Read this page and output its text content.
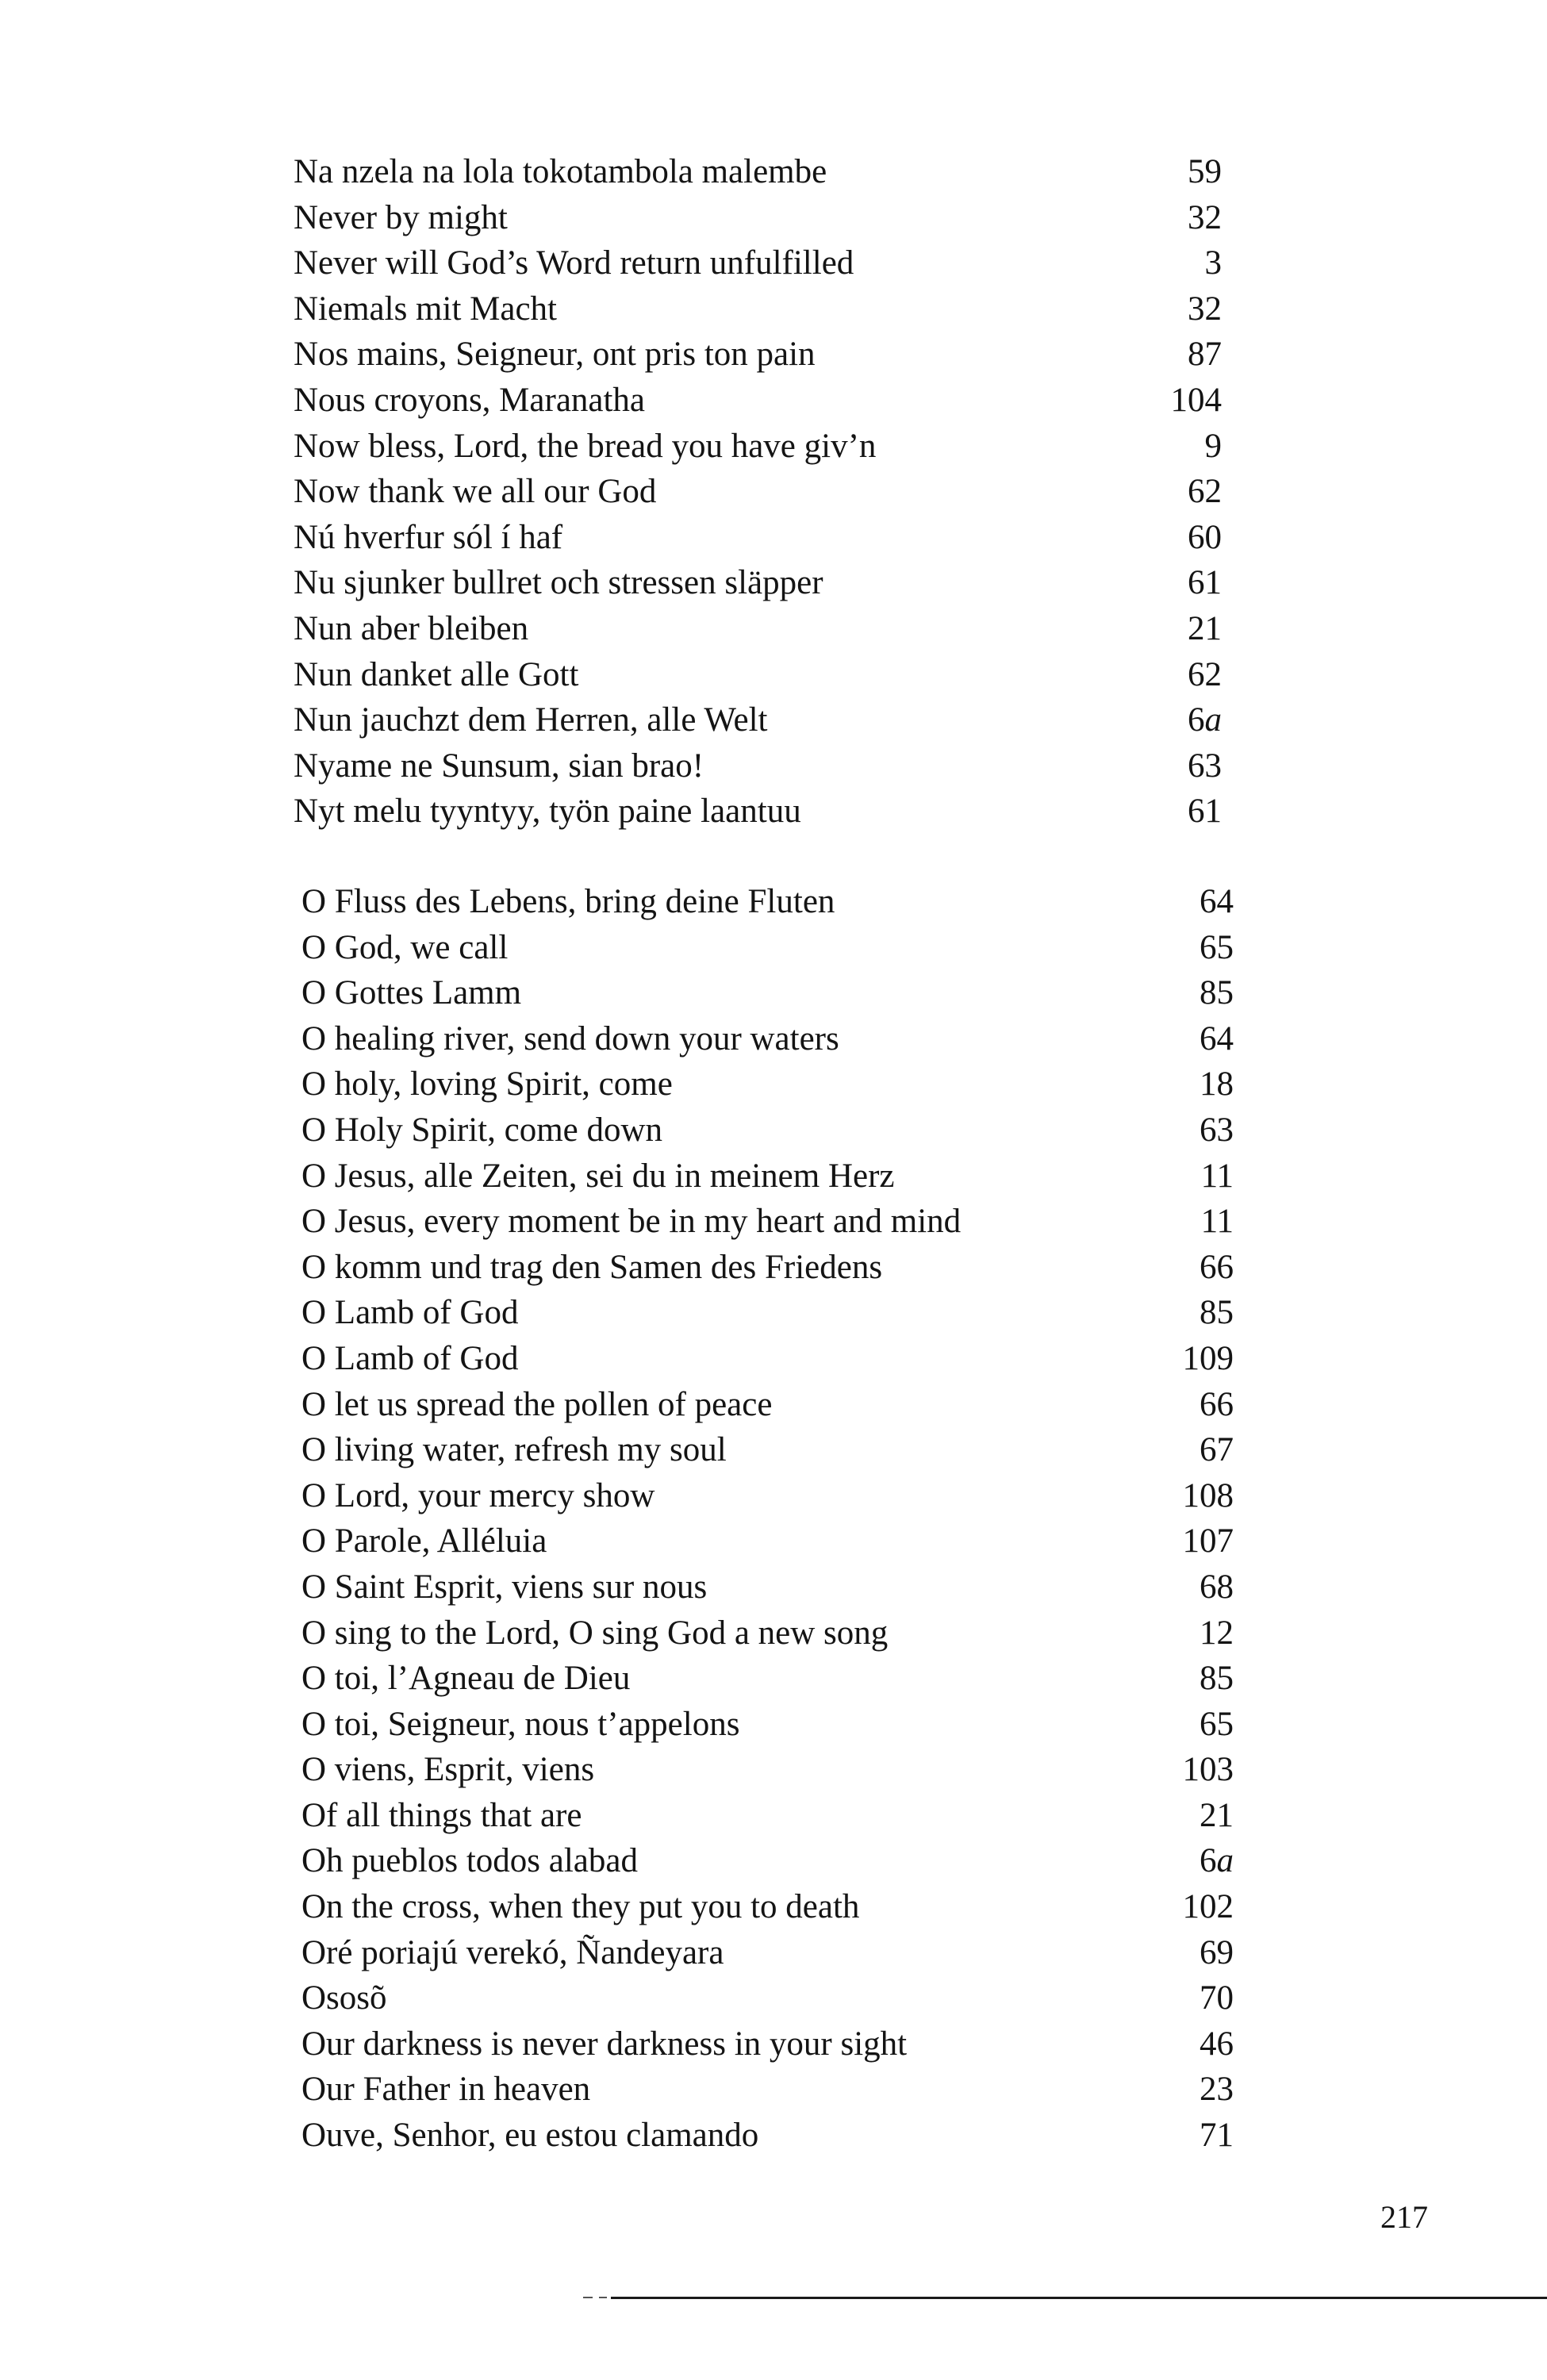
Na nzela na lola tokotambola malembe	59
Never by might	32
Never will God’s Word return unfulfilled	3
Niemals mit Macht	32
Nos mains, Seigneur, ont pris ton pain	87
Nous croyons, Maranatha	104
Now bless, Lord, the bread you have giv’n	9
Now thank we all our God	62
Nú hverfur sól í haf	60
Nu sjunker bullret och stressen släpper	61
Nun aber bleiben	21
Nun danket alle Gott	62
Nun jauchzt dem Herren, alle Welt	6a
Nyame ne Sunsum, sian brao!	63
Nyt melu tyyntyy, työn paine laantuu	61
O Fluss des Lebens, bring deine Fluten	64
O God, we call	65
O Gottes Lamm	85
O healing river, send down your waters	64
O holy, loving Spirit, come	18
O Holy Spirit, come down	63
O Jesus, alle Zeiten, sei du in meinem Herz	11
O Jesus, every moment be in my heart and mind	11
O komm und trag den Samen des Friedens	66
O Lamb of God	85
O Lamb of God	109
O let us spread the pollen of peace	66
O living water, refresh my soul	67
O Lord, your mercy show	108
O Parole, Alléluia	107
O Saint Esprit, viens sur nous	68
O sing to the Lord, O sing God a new song	12
O toi, l’Agneau de Dieu	85
O toi, Seigneur, nous t’appelons	65
O viens, Esprit, viens	103
Of all things that are	21
Oh pueblos todos alabad	6a
On the cross, when they put you to death	102
Oré poriajú verekó, Ñandeyara	69
Ososõ	70
Our darkness is never darkness in your sight	46
Our Father in heaven	23
Ouve, Senhor, eu estou clamando	71
217
